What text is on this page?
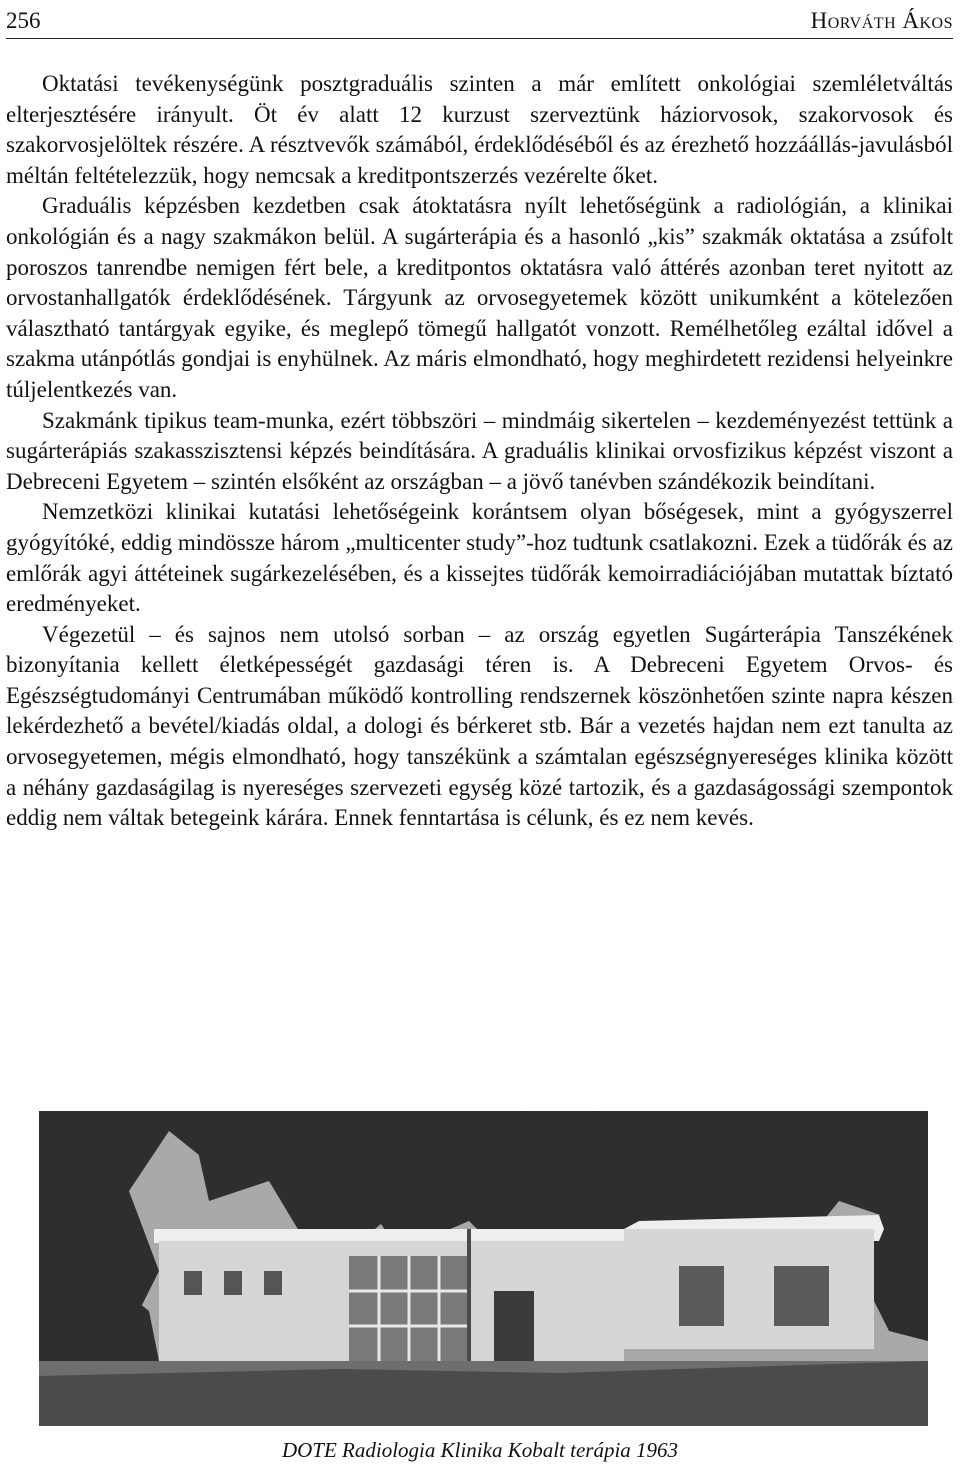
256	Horváth Ákos

Oktatási tevékenységünk posztgraduális szinten a már említett onkológiai szemléletváltás elterjesztésére irányult. Öt év alatt 12 kurzust szerveztünk háziorvosok, szakorvosok és szakorvosjelöltek részére. A résztvevők számából, érdeklődéséből és az érezhető hozzáállás-javulásból méltán feltételezzük, hogy nemcsak a kreditpontszerzés vezérelte őket.

Graduális képzésben kezdetben csak átoktatásra nyílt lehetőségünk a radiológián, a klinikai onkológián és a nagy szakmákon belül. A sugárterápia és a hasonló „kis” szakmák oktatása a zsúfolt poroszos tanrendbe nemigen fért bele, a kreditpontos oktatásra való áttérés azonban teret nyitott az orvostanhallgatók érdeklődésének. Tárgyunk az orvosegyetemek között unikumként a kötelezően választható tantárgyak egyike, és meglepő tömegű hallgatót vonzott. Remélhetőleg ezáltal idővel a szakma utánpótlás gondjai is enyhülnek. Az máris elmondható, hogy meghirdetett rezidensi helyeinkre túljelentkezés van.

Szakmánk tipikus team-munka, ezért többszöri – mindmáig sikertelen – kezdeményezést tettünk a sugárterápiás szakasszisztensi képzés beindítására. A graduális klinikai orvosfizikus képzést viszont a Debreceni Egyetem – szintén elsőként az országban – a jövő tanévben szándékozik beindítani.

Nemzetközi klinikai kutatási lehetőségeink korántsem olyan bőségesek, mint a gyógyszerrel gyógyítóké, eddig mindössze három „multicenter study”-hoz tudtunk csatlakozni. Ezek a tüdőrák és az emlőrák agyi áttéteinek sugárkezelésében, és a kissejtes tüdőrák kemoirradiációjában mutattak bíztató eredményeket.

Végezetül – és sajnos nem utolsó sorban – az ország egyetlen Sugárterápia Tanszékének bizonyítania kellett életképességét gazdasági téren is. A Debreceni Egyetem Orvos- és Egészségtudományi Centrumában működő kontrolling rendszernek köszönhetően szinte napra készen lekérdezhető a bevétel/kiadás oldal, a dologi és bérkeret stb. Bár a vezetés hajdan nem ezt tanulta az orvosegyetemen, mégis elmondható, hogy tanszékünk a számtalan egészségnyereséges klinika között a néhány gazdaságilag is nyereséges szervezeti egység közé tartozik, és a gazdaságossági szempontok eddig nem váltak betegeink kárára. Ennek fenntartása is célunk, és ez nem kevés.

DOTE Radiologia Klinika Kobalt terápia 1963
